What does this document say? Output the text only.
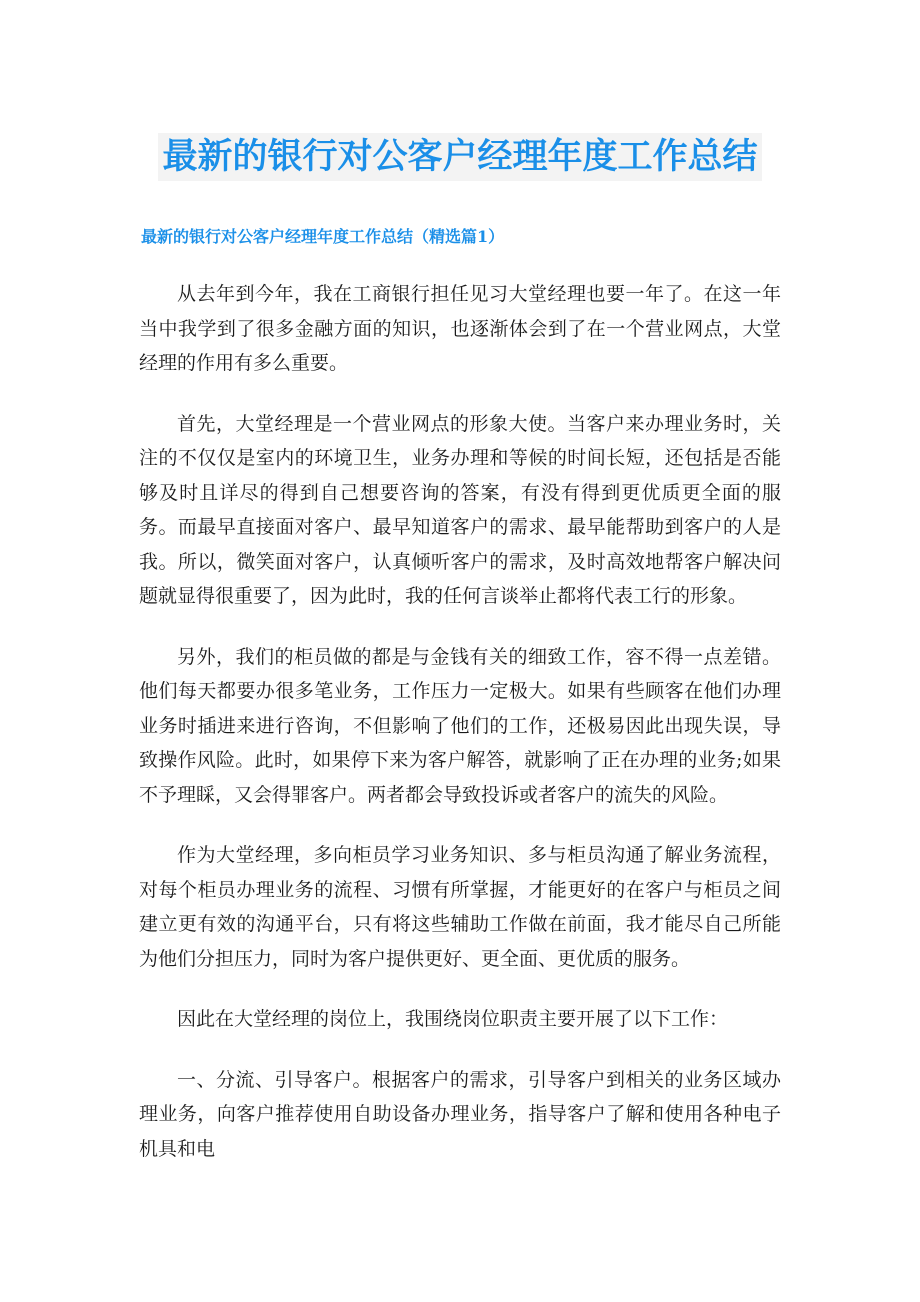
最新的银行对公客户经理年度工作总结
最新的银行对公客户经理年度工作总结（精选篇1）

从去年到今年，我在工商银行担任见习大堂经理也要一年了。在这一年当中我学到了很多金融方面的知识，也逐渐体会到了在一个营业网点，大堂经理的作用有多么重要。

首先，大堂经理是一个营业网点的形象大使。当客户来办理业务时，关注的不仅仅是室内的环境卫生，业务办理和等候的时间长短，还包括是否能够及时且详尽的得到自己想要咨询的答案，有没有得到更优质更全面的服务。而最早直接面对客户、最早知道客户的需求、最早能帮助到客户的人是我。所以，微笑面对客户，认真倾听客户的需求，及时高效地帮客户解决问题就显得很重要了，因为此时，我的任何言谈举止都将代表工行的形象。

另外，我们的柜员做的都是与金钱有关的细致工作，容不得一点差错。他们每天都要办很多笔业务，工作压力一定极大。如果有些顾客在他们办理业务时插进来进行咨询，不但影响了他们的工作，还极易因此出现失误，导致操作风险。此时，如果停下来为客户解答，就影响了正在办理的业务;如果不予理睬，又会得罪客户。两者都会导致投诉或者客户的流失的风险。

作为大堂经理，多向柜员学习业务知识、多与柜员沟通了解业务流程，对每个柜员办理业务的流程、习惯有所掌握，才能更好的在客户与柜员之间建立更有效的沟通平台，只有将这些辅助工作做在前面，我才能尽自己所能为他们分担压力，同时为客户提供更好、更全面、更优质的服务。

因此在大堂经理的岗位上，我围绕岗位职责主要开展了以下工作：

一、分流、引导客户。根据客户的需求，引导客户到相关的业务区域办理业务，向客户推荐使用自助设备办理业务，指导客户了解和使用各种电子机具和电
